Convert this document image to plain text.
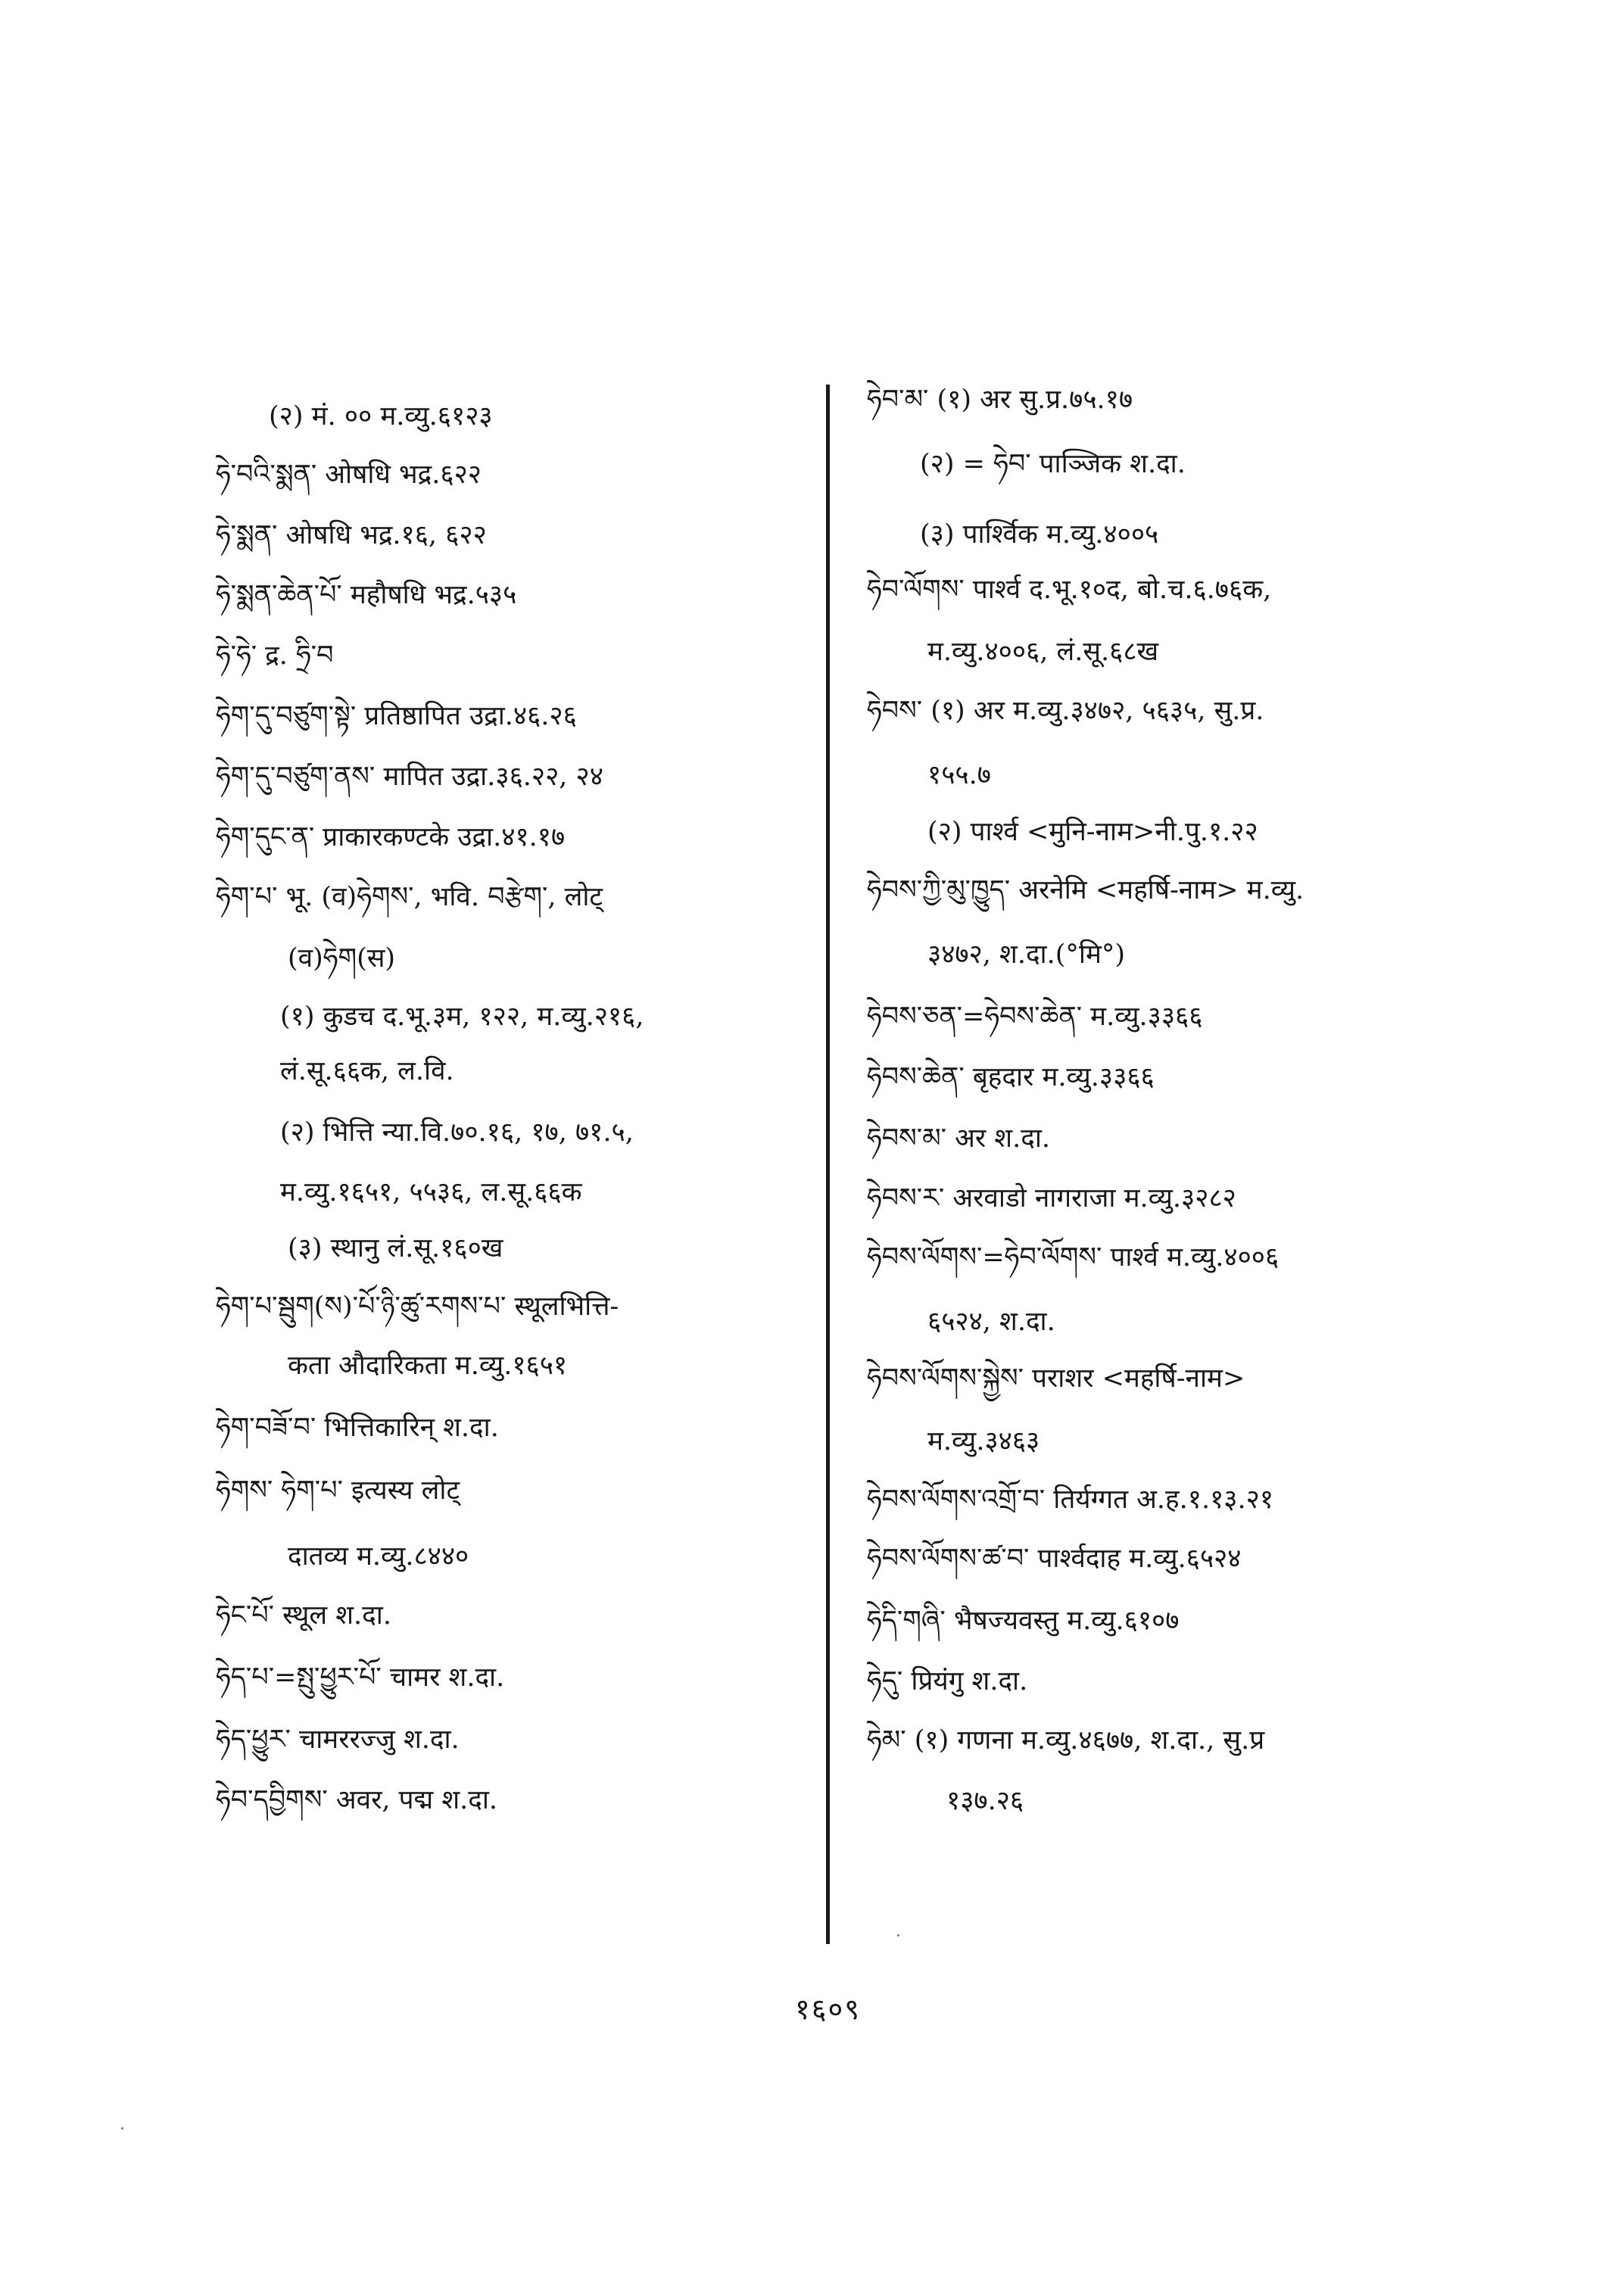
(२) मं. ०० म.व्यु.६१२३
ཧེ་བའི་སྨན་ ओषधि भद्र.६२२
ཧེ་སྨན་ ओषधि भद्र.१६, ६२२
ཧེ་སྨན་ཆེན་པོ་ महौषधि भद्र.५३५
ཧེ་ཧེ་ द्र. ཧྲི་བ
ཧེག་དུ་བཙུག་སྟེ་ प्रतिष्ठापित उद्रा.४६.२६
ཧེག་དུ་བཙུག་ནས་ मापित उद्रा.३६.२२, २४
ཧེག་དུང་ན་ प्राकारकण्टके उद्रा.४१.१७
ཧེག་པ་ भू. (व)ཧེགས་, भवि. བརྩེག་, लोट्
(व)ཧེག(स)
(१) कुडच द.भू.३म, १२२, म.व्यु.२१६,
लं.सू.६६क, ल.वि.
(२) भित्ति न्या.वि.७०.१६, १७, ७१.५,
म.व्यु.१६५१, ५५३६, ल.सू.६६क
(३) स्थानु लं.सू.१६०ख
ཧེག་པ་སྦུག(ས)་པོ་ཉི་ཚུ་རགས་པ་ स्थूलभित्ति-
कता औदारिकता म.व्यु.१६५१
ཧེག་བཟོ་བ་ भित्तिकारिन् श.दा.
ཧེགས་ ཧེག་པ་ इत्यस्य लोट्
दातव्य म.व्यु.८४४०
ཧེང་པོ་ स्थूल श.दा.
ཧེད་པ་=སྤུ་ཕྱུར་པོ་ चामर श.दा.
ཧེད་ཕྱུར་ चामररज्जु श.दा.
ཧེབ་དབྱིགས་ अवर, पद्म श.दा.
ཧེབ་མ་ (१) अर सु.प्र.७५.१७
(२) = ཧེབ་ पाञ्जिक श.दा.
(३) पार्श्विक म.व्यु.४००५
ཧེབ་ལོགས་ पार्श्व द.भू.१०द, बो.च.६.७६क,
म.व्यु.४००६, लं.सू.६८ख
ཧེབས་ (१) अर म.व्यु.३४७२, ५६३५, सु.प्र.
१५५.७
(२) पार्श्व <मुनि-नाम>नी.पु.१.२२
ཧེབས་ཀྱི་མུ་ཁྱུད་ अरनेमि <महर्षि-नाम> म.व्यु.
३४७२, श.दा.(°मि°)
ཧེབས་ཅན་=ཧེབས་ཆེན་ म.व्यु.३३६६
ཧེབས་ཆེན་ बृहदार म.व्यु.३३६६
ཧེབས་མ་ अर श.दा.
ཧེབས་ར་ अरवाडो नागराजा म.व्यु.३२८२
ཧེབས་ལོགས་=ཧེབ་ལོགས་ पार्श्व म.व्यु.४००६
६५२४, श.दा.
ཧེབས་ལོགས་སྐྱེས་ पराशर <महर्षि-नाम>
म.व्यु.३४६३
ཧེབས་ལོགས་འགྲོ་བ་ तिर्यग्गत अ.ह.१.१३.२१
ཧེབས་ལོགས་ཚ་བ་ पार्श्वदाह म.व्यु.६५२४
ཧེདི་གཞི་ भैषज्यवस्तु म.व्यु.६१०७
ཧེདུ་ प्रियंगु श.दा.
ཧེམ་ (१) गणना म.व्यु.४६७७, श.दा., सु.प्र
१३७.२६
१६०९
